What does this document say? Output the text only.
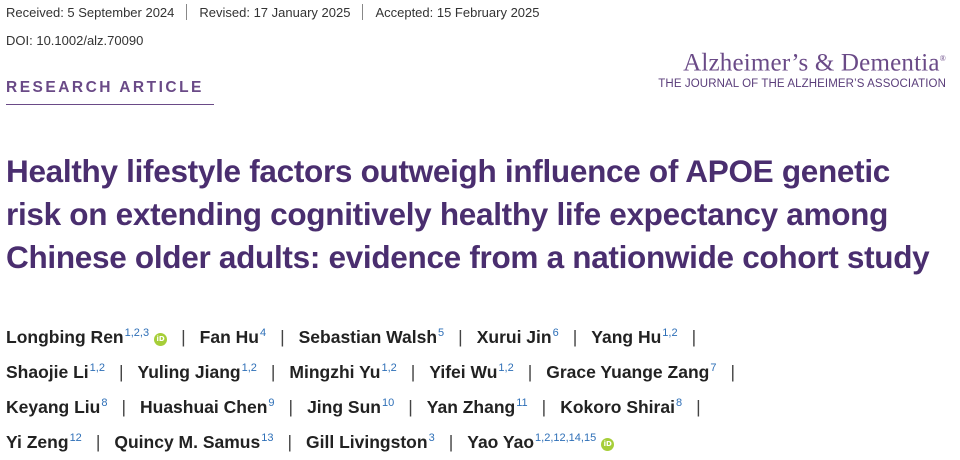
Received: 5 September 2024 Revised: 17 January 2025 Accepted: 15 February 2025
DOI: 10.1002/alz.70090
Alzheimer’s & Dementia®
THE JOURNAL OF THE ALZHEIMER’S ASSOCIATION
RESEARCH ARTICLE
Healthy lifestyle factors outweigh influence of APOE genetic risk on extending cognitively healthy life expectancy among Chinese older adults: evidence from a nationwide cohort study
Longbing Ren$^{1,2,3}$ iD | Fan Hu$^4$ | Sebastian Walsh$^5$ | Xurui Jin$^6$ | Yang Hu$^{1,2}$ |
Shaojie Li$^{1,2}$ | Yuling Jiang$^{1,2}$ | Mingzhi Yu$^{1,2}$ | Yifei Wu$^{1,2}$ | Grace Yuange Zang$^7$ |
Keyang Liu$^8$ | Huashuai Chen$^9$ | Jing Sun$^{10}$ | Yan Zhang$^{11}$ | Kokoro Shirai$^8$ |
Yi Zeng$^{12}$ | Quincy M. Samus$^{13}$ | Gill Livingston$^3$ | Yao Yao$^{1,2,12,14,15}$ iD
